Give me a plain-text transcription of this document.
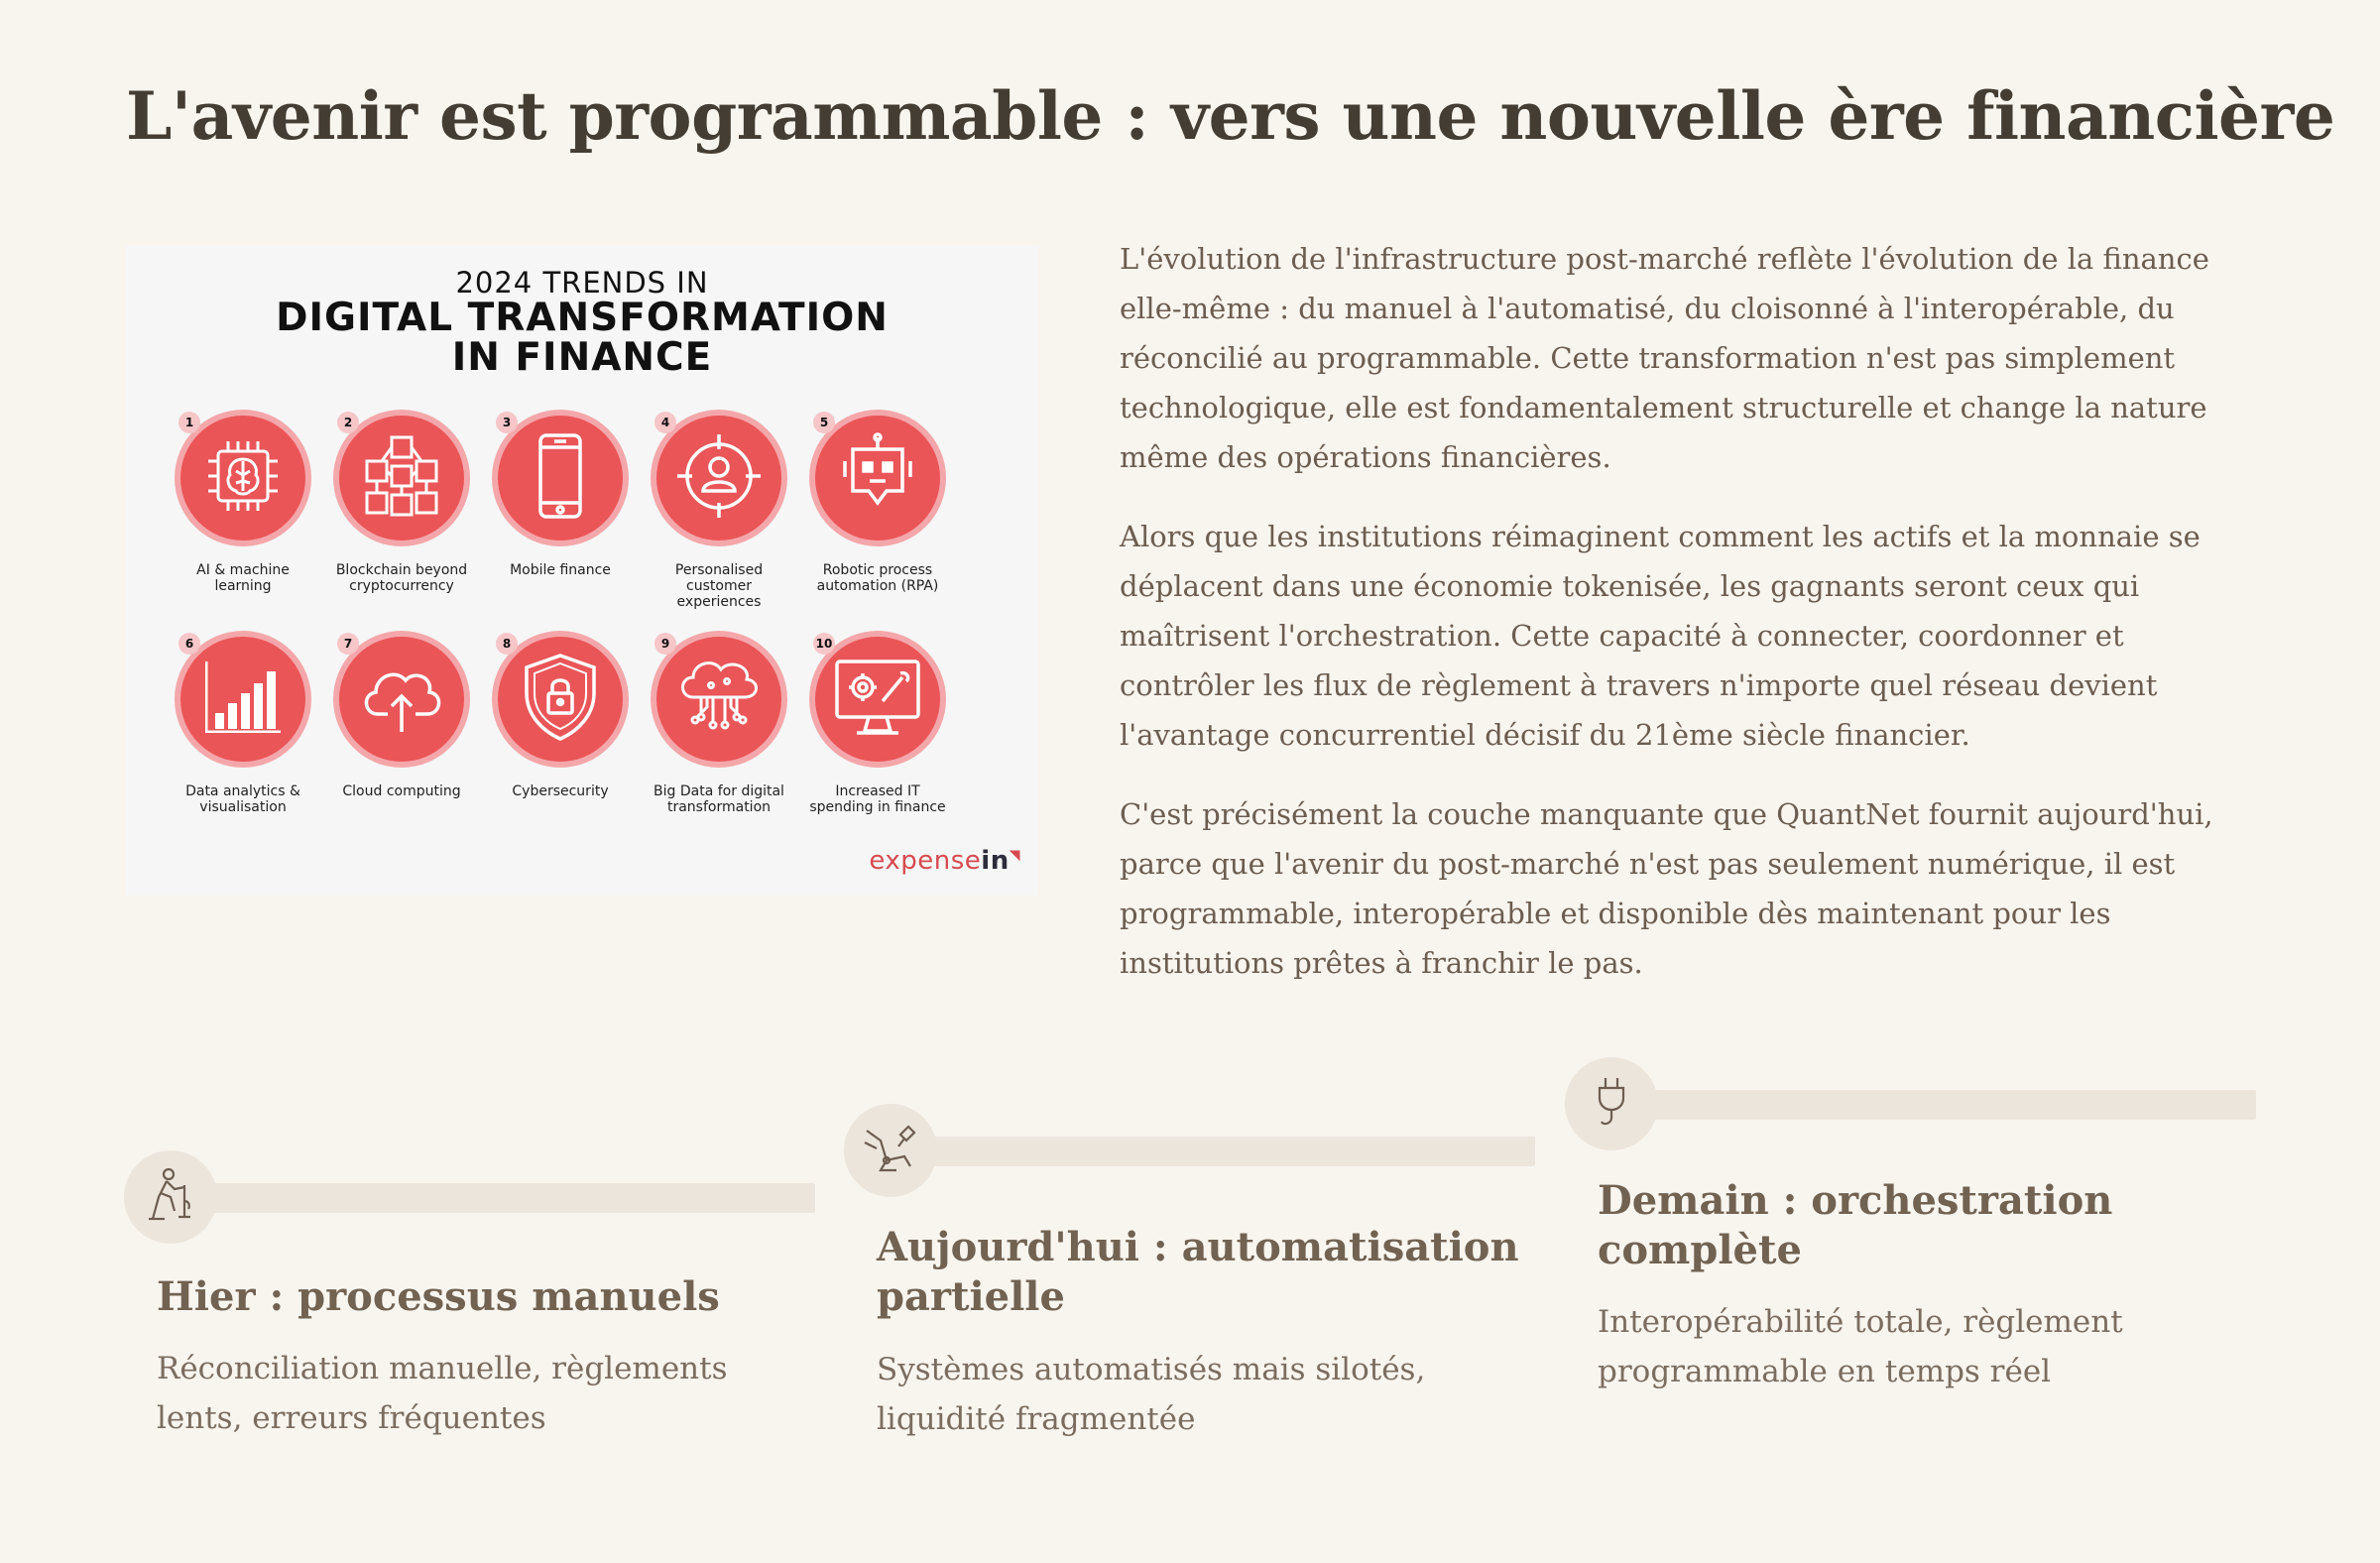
L'avenir est programmable : vers une nouvelle ère financière
2024 TRENDS IN
DIGITAL TRANSFORMATION
IN FINANCE
1
AI & machine learning
2
Blockchain beyond cryptocurrency
3
Mobile finance
4
Personalised customer experiences
5
Robotic process automation (RPA)
6
Data analytics & visualisation
7
Cloud computing
8
Cybersecurity
9
Big Data for digital transformation
10
Increased IT spending in finance
expensein◥

L'évolution de l'infrastructure post-marché reflète l'évolution de la finance elle-même : du manuel à l'automatisé, du cloisonné à l'interopérable, du réconcilié au programmable. Cette transformation n'est pas simplement technologique, elle est fondamentalement structurelle et change la nature même des opérations financières.

Alors que les institutions réimaginent comment les actifs et la monnaie se déplacent dans une économie tokenisée, les gagnants seront ceux qui maîtrisent l'orchestration. Cette capacité à connecter, coordonner et contrôler les flux de règlement à travers n'importe quel réseau devient l'avantage concurrentiel décisif du 21ème siècle financier.

C'est précisément la couche manquante que QuantNet fournit aujourd'hui, parce que l'avenir du post-marché n'est pas seulement numérique, il est programmable, interopérable et disponible dès maintenant pour les institutions prêtes à franchir le pas.

Hier : processus manuels

Réconciliation manuelle, règlements lents, erreurs fréquentes

Aujourd'hui : automatisation partielle

Systèmes automatisés mais silotés, liquidité fragmentée

Demain : orchestration complète

Interopérabilité totale, règlement programmable en temps réel
